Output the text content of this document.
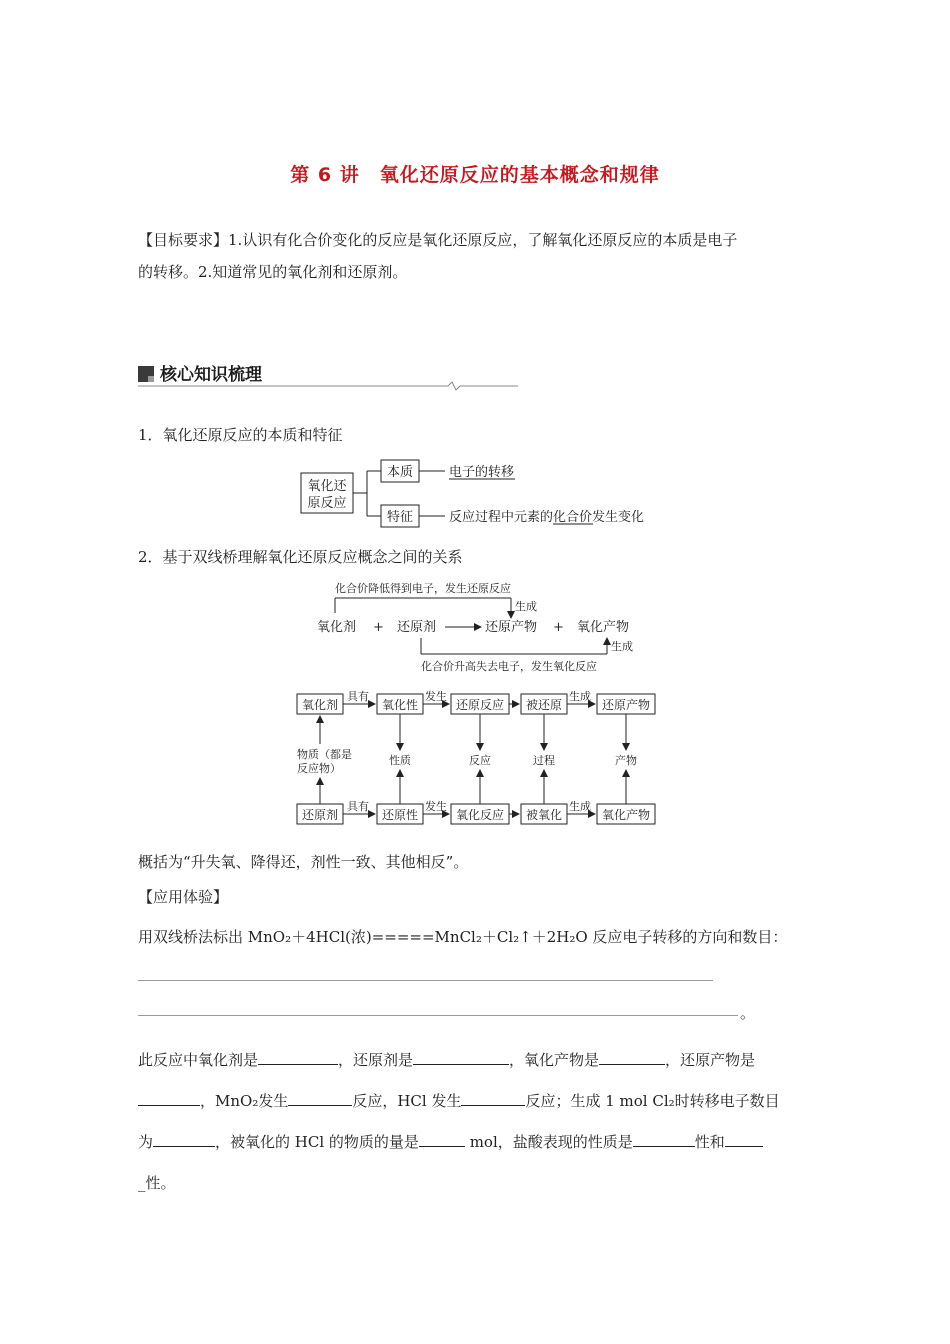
第 6 讲　氧化还原反应的基本概念和规律
【目标要求】1.认识有化合价变化的反应是氧化还原反应，了解氧化还原反应的本质是电子
的转移。2.知道常见的氧化剂和还原剂。
核心知识梳理
1．氧化还原反应的本质和特征
氧化还
原反应
本质
特征
电子的转移
反应过程中元素的化合价发生变化
2．基于双线桥理解氧化还原反应概念之间的关系
化合价降低得到电子，发生还原反应
生成
氧化剂 + 还原剂	还原产物 + 氧化产物
生成
化合价升高失去电子，发生氧化反应
氧化剂	氧化性	还原反应 被还原	还原产物
具有	发生	生成
物质（都是
反应物）
性质	反应	过程	产物
还原剂	还原性	氧化反应 被氧化	氧化产物
具有	发生	生成
概括为“升失氧、降得还，剂性一致、其他相反”。
【应用体验】
用双线桥法标出 MnO₂＋4HCl(浓)=====MnCl₂＋Cl₂↑＋2H₂O 反应电子转移的方向和数目：
。
此反应中氧化剂是	，还原剂是	，氧化产物是	，还原产物是
，MnO₂发生	反应，HCl 发生	反应；生成 1 mol Cl₂时转移电子数目
为	，被氧化的 HCl 的物质的量是	mol，盐酸表现的性质是	性和
_性。
